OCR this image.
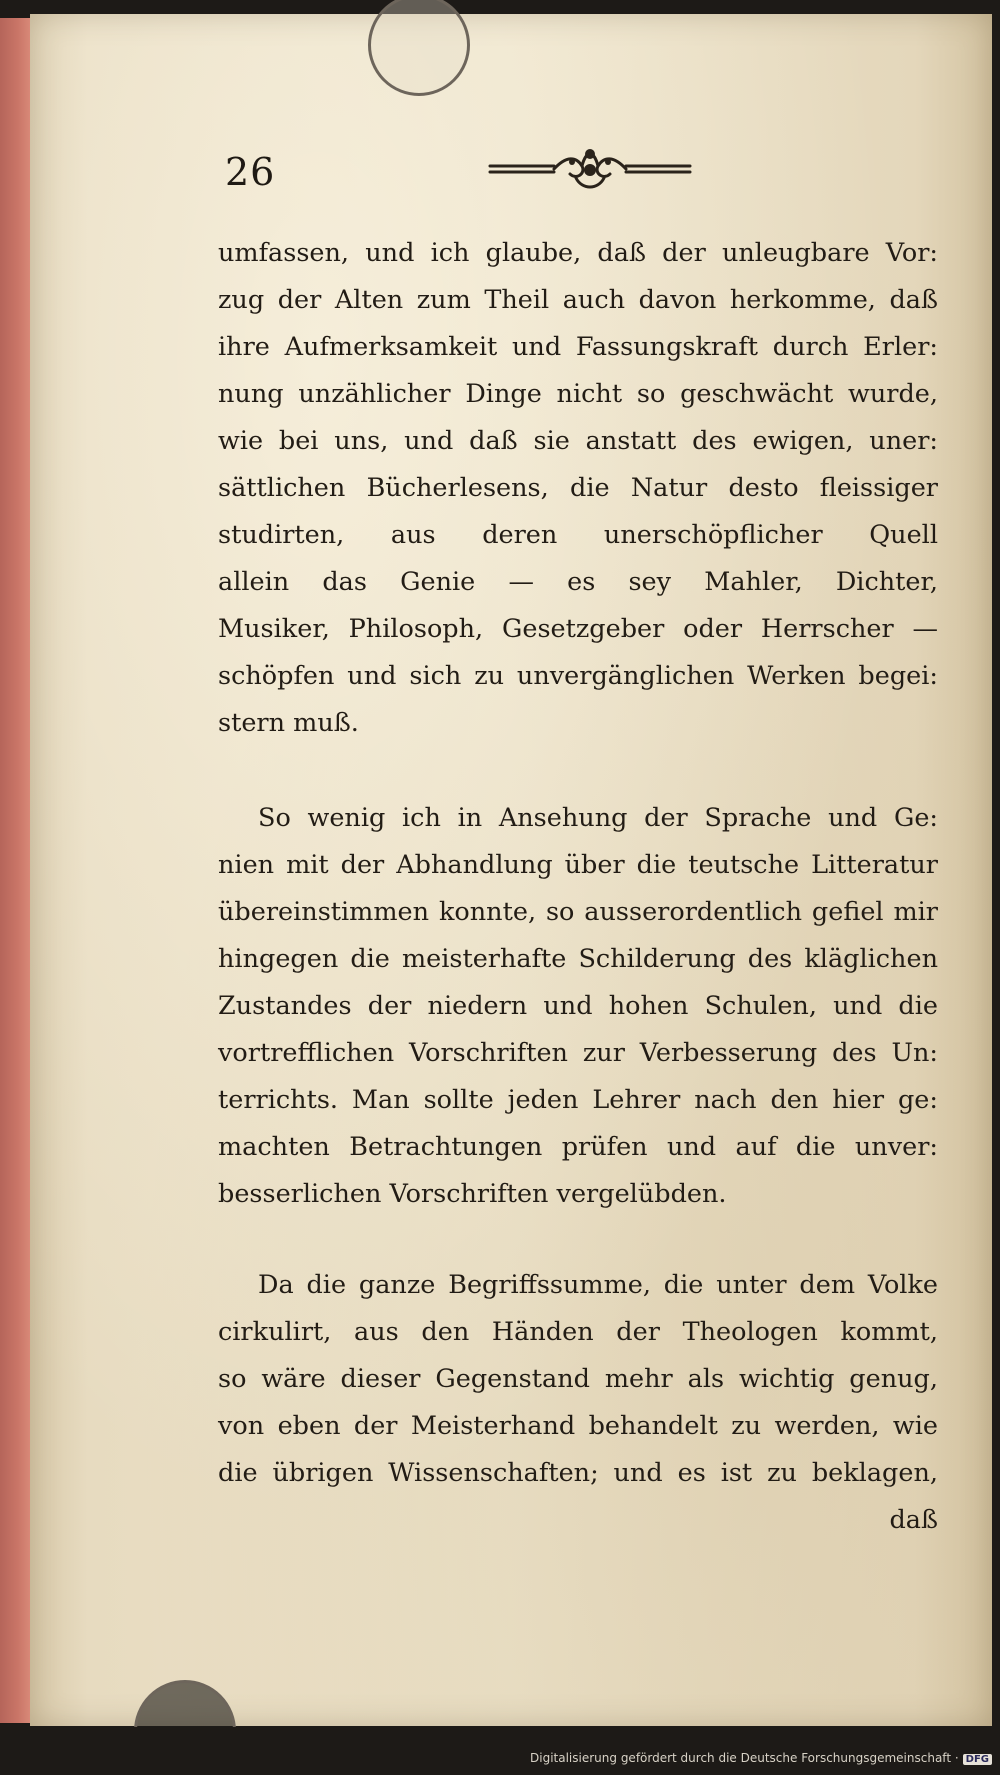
26
umfassen, und ich glaube, daß der unleugbare Vor:
zug der Alten zum Theil auch davon herkomme, daß
ihre Aufmerksamkeit und Fassungskraft durch Erler:
nung unzählicher Dinge nicht so geschwächt wurde,
wie bei uns, und daß sie anstatt des ewigen, uner:
sättlichen Bücherlesens, die Natur desto fleissiger
studirten, aus deren unerschöpflicher Quell
allein das Genie — es sey Mahler, Dichter,
Musiker, Philosoph, Gesetzgeber oder Herrscher —
schöpfen und sich zu unvergänglichen Werken begei:
stern muß.
So wenig ich in Ansehung der Sprache und Ge:
nien mit der Abhandlung über die teutsche Litteratur
übereinstimmen konnte, so ausserordentlich gefiel mir
hingegen die meisterhafte Schilderung des kläglichen
Zustandes der niedern und hohen Schulen, und die
vortrefflichen Vorschriften zur Verbesserung des Un:
terrichts. Man sollte jeden Lehrer nach den hier ge:
machten Betrachtungen prüfen und auf die unver:
besserlichen Vorschriften vergelübden.
Da die ganze Begriffssumme, die unter dem Volke
cirkulirt, aus den Händen der Theologen kommt,
so wäre dieser Gegenstand mehr als wichtig genug,
von eben der Meisterhand behandelt zu werden, wie
die übrigen Wissenschaften; und es ist zu beklagen,
daß
Digitalisierung gefördert durch die Deutsche Forschungsgemeinschaft · DFG
